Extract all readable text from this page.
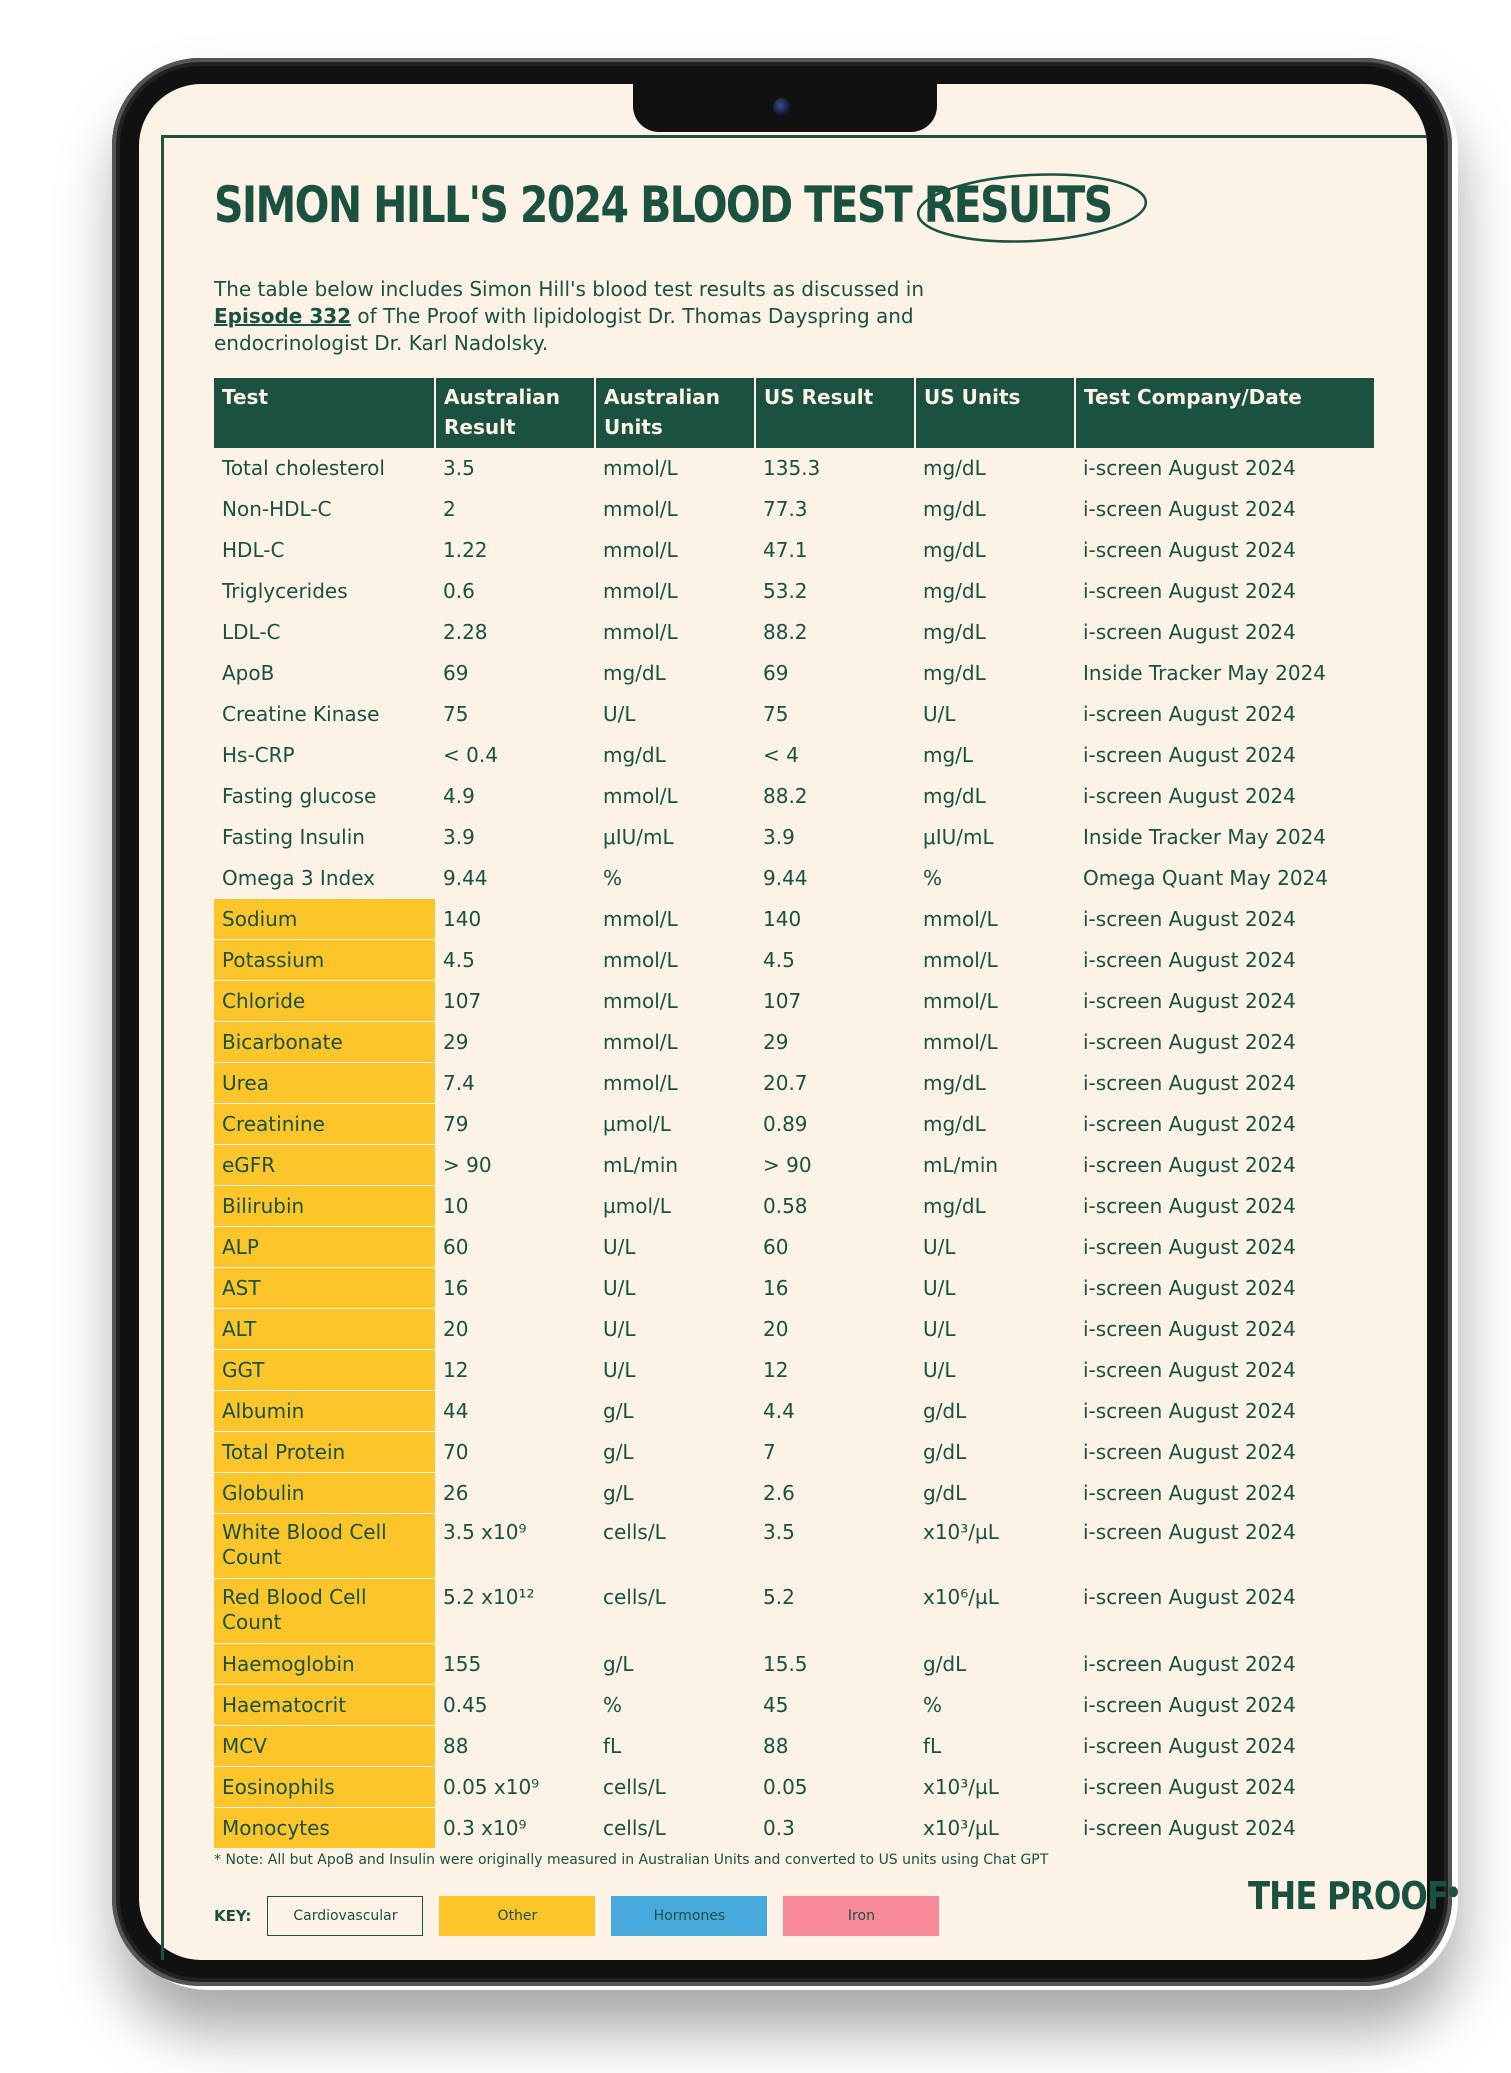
SIMON HILL'S 2024 BLOOD TEST RESULTS

The table below includes Simon Hill's blood test results as discussed in Episode 332 of The Proof with lipidologist Dr. Thomas Dayspring and endocrinologist Dr. Karl Nadolsky.

Test	Australian Result	Australian Units	US Result	US Units	Test Company/Date
Total cholesterol	3.5	mmol/L	135.3	mg/dL	i-screen August 2024
Non-HDL-C	2	mmol/L	77.3	mg/dL	i-screen August 2024
HDL-C	1.22	mmol/L	47.1	mg/dL	i-screen August 2024
Triglycerides	0.6	mmol/L	53.2	mg/dL	i-screen August 2024
LDL-C	2.28	mmol/L	88.2	mg/dL	i-screen August 2024
ApoB	69	mg/dL	69	mg/dL	Inside Tracker May 2024
Creatine Kinase	75	U/L	75	U/L	i-screen August 2024
Hs-CRP	< 0.4	mg/dL	< 4	mg/L	i-screen August 2024
Fasting glucose	4.9	mmol/L	88.2	mg/dL	i-screen August 2024
Fasting Insulin	3.9	μIU/mL	3.9	μIU/mL	Inside Tracker May 2024
Omega 3 Index	9.44	%	9.44	%	Omega Quant May 2024
Sodium	140	mmol/L	140	mmol/L	i-screen August 2024
Potassium	4.5	mmol/L	4.5	mmol/L	i-screen August 2024
Chloride	107	mmol/L	107	mmol/L	i-screen August 2024
Bicarbonate	29	mmol/L	29	mmol/L	i-screen August 2024
Urea	7.4	mmol/L	20.7	mg/dL	i-screen August 2024
Creatinine	79	µmol/L	0.89	mg/dL	i-screen August 2024
eGFR	> 90	mL/min	> 90	mL/min	i-screen August 2024
Bilirubin	10	µmol/L	0.58	mg/dL	i-screen August 2024
ALP	60	U/L	60	U/L	i-screen August 2024
AST	16	U/L	16	U/L	i-screen August 2024
ALT	20	U/L	20	U/L	i-screen August 2024
GGT	12	U/L	12	U/L	i-screen August 2024
Albumin	44	g/L	4.4	g/dL	i-screen August 2024
Total Protein	70	g/L	7	g/dL	i-screen August 2024
Globulin	26	g/L	2.6	g/dL	i-screen August 2024
White Blood Cell Count	3.5 x10⁹	cells/L	3.5	x10³/µL	i-screen August 2024
Red Blood Cell Count	5.2 x10¹²	cells/L	5.2	x10⁶/µL	i-screen August 2024
Haemoglobin	155	g/L	15.5	g/dL	i-screen August 2024
Haematocrit	0.45	%	45	%	i-screen August 2024
MCV	88	fL	88	fL	i-screen August 2024
Eosinophils	0.05 x10⁹	cells/L	0.05	x10³/µL	i-screen August 2024
Monocytes	0.3 x10⁹	cells/L	0.3	x10³/µL	i-screen August 2024
* Note: All but ApoB and Insulin were originally measured in Australian Units and converted to US units using Chat GPT
KEY:	Cardiovascular	Other	Hormones	Iron	THE PROOF●
